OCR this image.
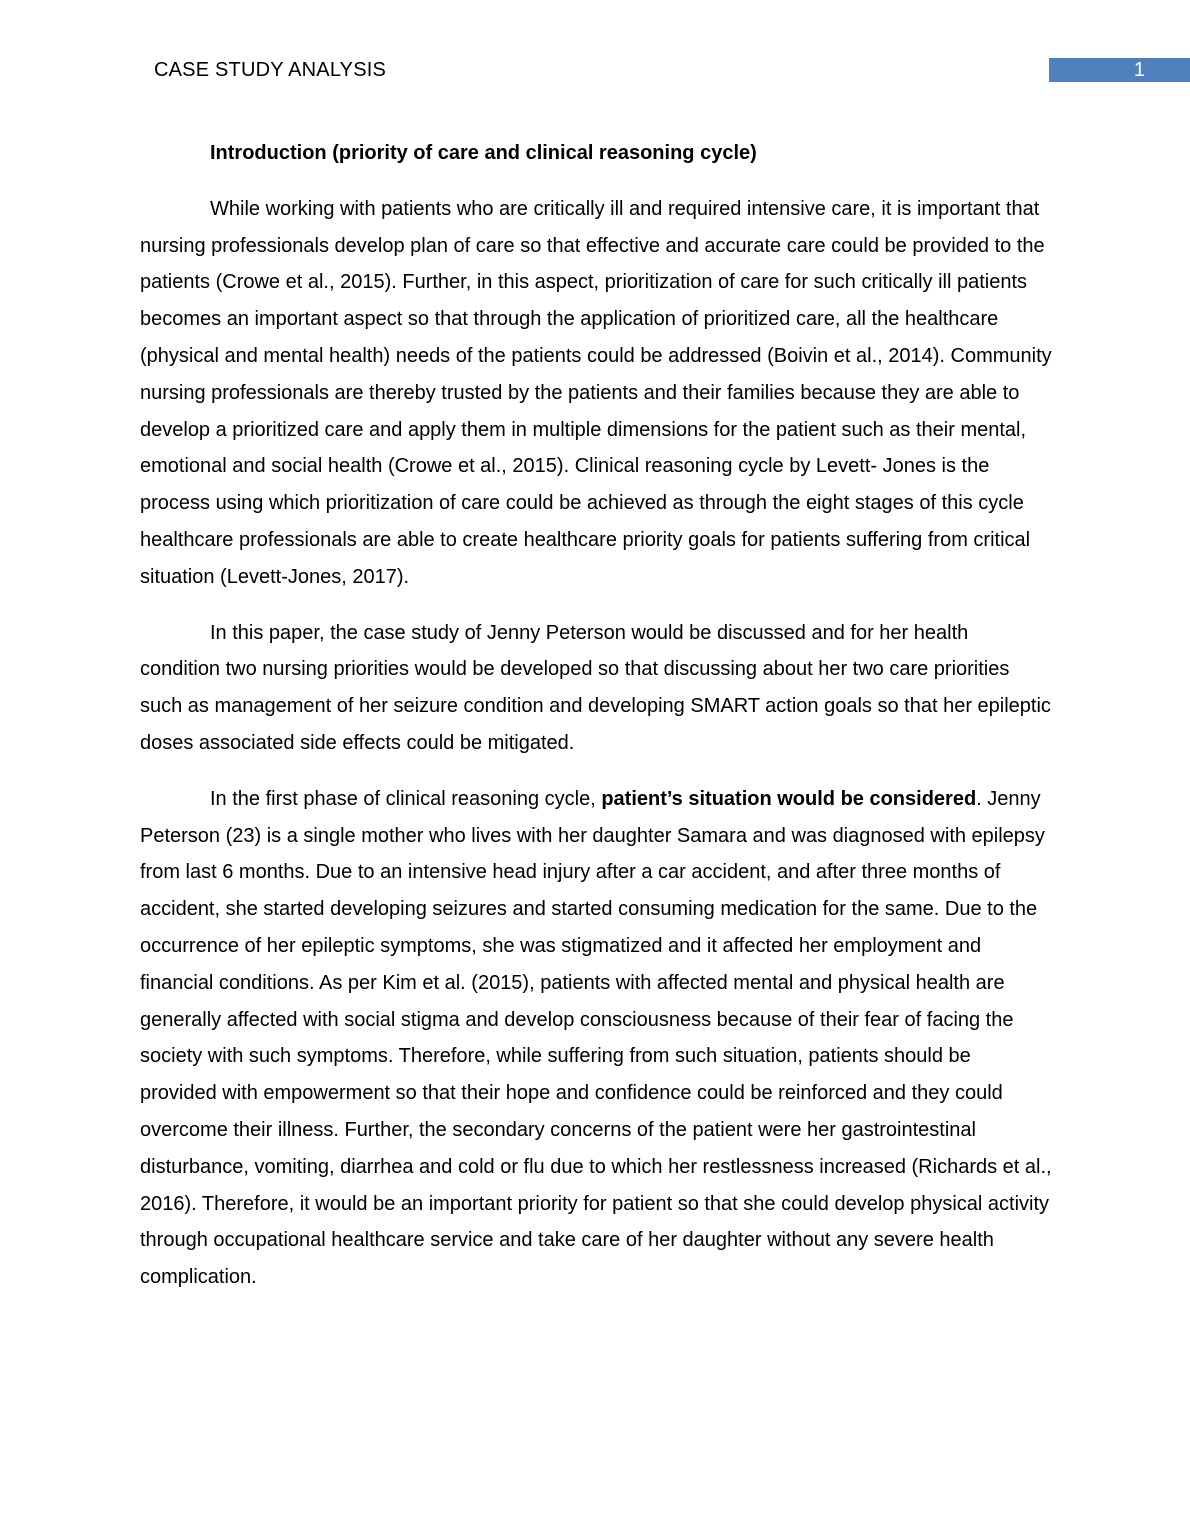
CASE STUDY ANALYSIS	1

Introduction (priority of care and clinical reasoning cycle)

While working with patients who are critically ill and required intensive care, it is important that nursing professionals develop plan of care so that effective and accurate care could be provided to the patients (Crowe et al., 2015). Further, in this aspect, prioritization of care for such critically ill patients becomes an important aspect so that through the application of prioritized care, all the healthcare (physical and mental health) needs of the patients could be addressed (Boivin et al., 2014). Community nursing professionals are thereby trusted by the patients and their families because they are able to develop a prioritized care and apply them in multiple dimensions for the patient such as their mental, emotional and social health (Crowe et al., 2015). Clinical reasoning cycle by Levett- Jones is the process using which prioritization of care could be achieved as through the eight stages of this cycle healthcare professionals are able to create healthcare priority goals for patients suffering from critical situation (Levett-Jones, 2017).

In this paper, the case study of Jenny Peterson would be discussed and for her health condition two nursing priorities would be developed so that discussing about her two care priorities such as management of her seizure condition and developing SMART action goals so that her epileptic doses associated side effects could be mitigated.

In the first phase of clinical reasoning cycle, patient’s situation would be considered. Jenny Peterson (23) is a single mother who lives with her daughter Samara and was diagnosed with epilepsy from last 6 months. Due to an intensive head injury after a car accident, and after three months of accident, she started developing seizures and started consuming medication for the same. Due to the occurrence of her epileptic symptoms, she was stigmatized and it affected her employment and financial conditions. As per Kim et al. (2015), patients with affected mental and physical health are generally affected with social stigma and develop consciousness because of their fear of facing the society with such symptoms. Therefore, while suffering from such situation, patients should be provided with empowerment so that their hope and confidence could be reinforced and they could overcome their illness. Further, the secondary concerns of the patient were her gastrointestinal disturbance, vomiting, diarrhea and cold or flu due to which her restlessness increased (Richards et al., 2016). Therefore, it would be an important priority for patient so that she could develop physical activity through occupational healthcare service and take care of her daughter without any severe health complication.
